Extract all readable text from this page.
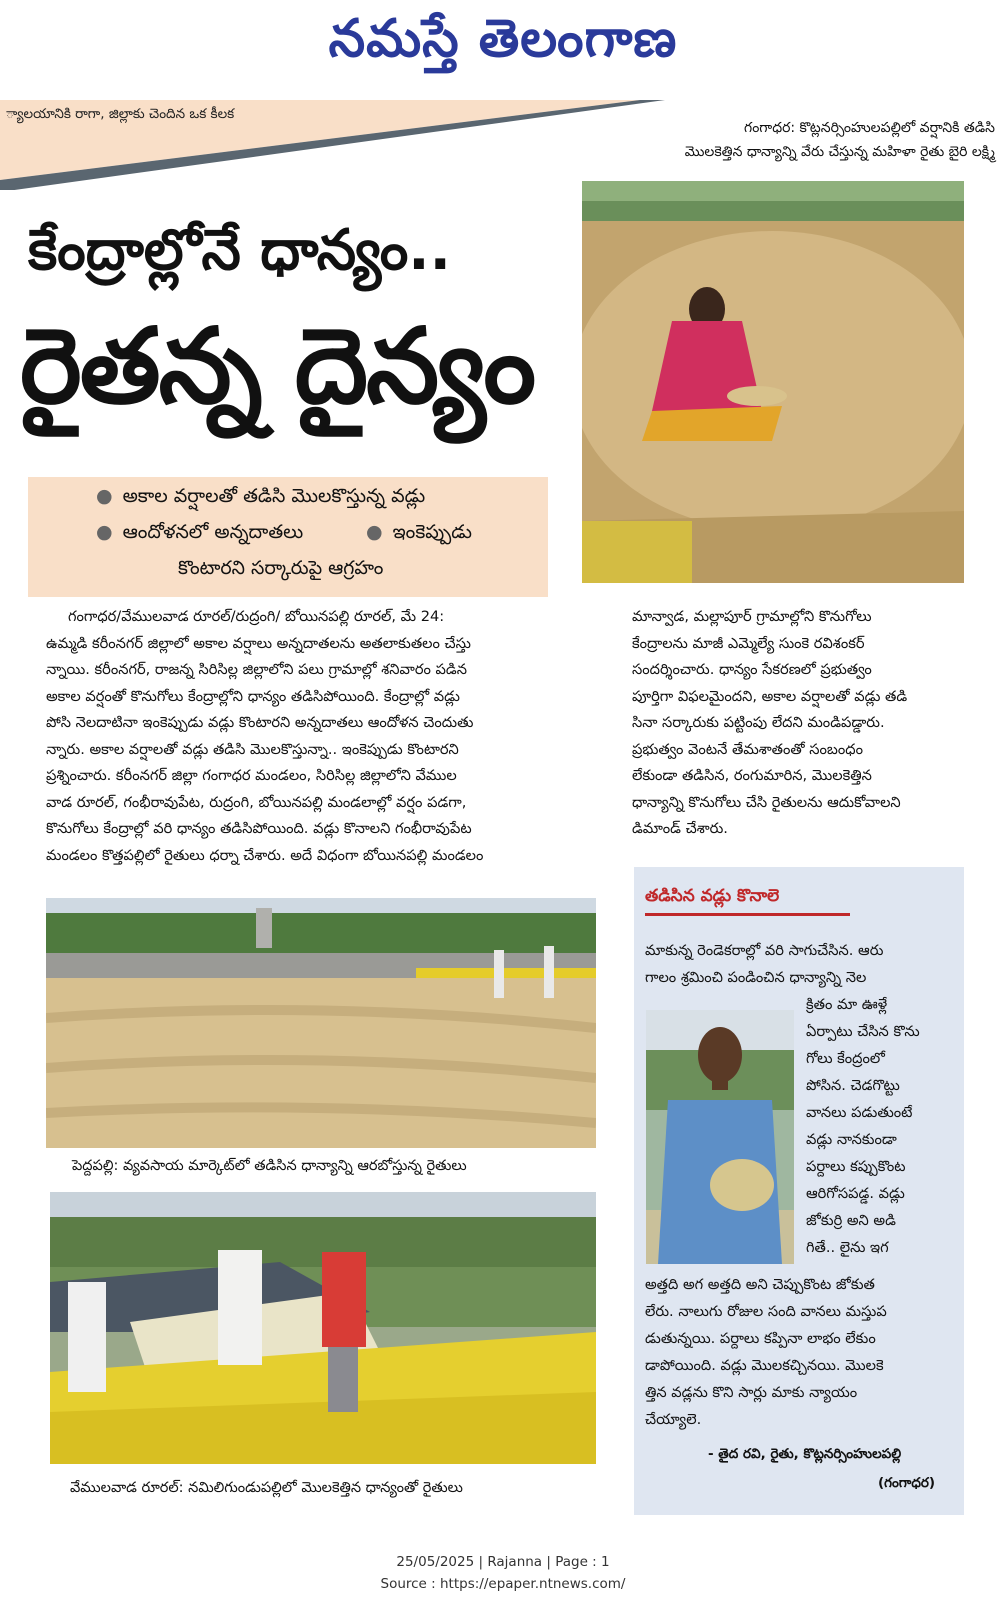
నమస్తే తెలంగాణ
్యాలయానికి రాగా, జిల్లాకు చెందిన ఒక కీలక
గంగాధర: కొట్లనర్సింహులపల్లిలో వర్షానికి తడిసి
మొలకెత్తిన ధాన్యాన్ని వేరు చేస్తున్న మహిళా రైతు బైరి లక్ష్మి
కేంద్రాల్లోనే ధాన్యం..
రైతన్న దైన్యం
● అకాల వర్షాలతో తడిసి మొలకొస్తున్న వడ్లు
● ఆందోళనలో అన్నదాతలు	● ఇంకెప్పుడు
కొంటారని సర్కారుపై ఆగ్రహం

గంగాధర/వేములవాడ రూరల్/రుద్రంగి/ బోయినపల్లి రూరల్, మే 24:

ఉమ్మడి కరీంనగర్ జిల్లాలో అకాల వర్షాలు అన్నదాతలను అతలాకుతలం చేస్తు

న్నాయి. కరీంనగర్, రాజన్న సిరిసిల్ల జిల్లాలోని పలు గ్రామాల్లో శనివారం పడిన

అకాల వర్షంతో కొనుగోలు కేంద్రాల్లోని ధాన్యం తడిసిపోయింది. కేంద్రాల్లో వడ్లు

పోసి నెలదాటినా ఇంకెప్పుడు వడ్లు కొంటారని అన్నదాతలు ఆందోళన చెందుతు

న్నారు. అకాల వర్షాలతో వడ్లు తడిసి మొలకొస్తున్నా.. ఇంకెప్పుడు కొంటారని

ప్రశ్నించారు. కరీంనగర్ జిల్లా గంగాధర మండలం, సిరిసిల్ల జిల్లాలోని వేముల

వాడ రూరల్, గంభీరావుపేట, రుద్రంగి, బోయినపల్లి మండలాల్లో వర్షం పడగా,

కొనుగోలు కేంద్రాల్లో వరి ధాన్యం తడిసిపోయింది. వడ్లు కొనాలని గంభీరావుపేట

మండలం కొత్తపల్లిలో రైతులు ధర్నా చేశారు. అదే విధంగా బోయినపల్లి మండలం

మాన్వాడ, మల్లాపూర్ గ్రామాల్లోని కొనుగోలు

కేంద్రాలను మాజీ ఎమ్మెల్యే సుంకె రవిశంకర్

సందర్శించారు. ధాన్యం సేకరణలో ప్రభుత్వం

పూర్తిగా విఫలమైందని, అకాల వర్షాలతో వడ్లు తడి

సినా సర్కారుకు పట్టింపు లేదని మండిపడ్డారు.

ప్రభుత్వం వెంటనే తేమశాతంతో సంబంధం

లేకుండా తడిసిన, రంగుమారిన, మొలకెత్తిన

ధాన్యాన్ని కొనుగోలు చేసి రైతులను ఆదుకోవాలని

డిమాండ్ చేశారు.

పెద్దపల్లి: వ్యవసాయ మార్కెట్‌లో తడిసిన ధాన్యాన్ని ఆరబోస్తున్న రైతులు
వేములవాడ రూరల్: నమిలిగుండుపల్లిలో మొలకెత్తిన ధాన్యంతో రైతులు
తడిసిన వడ్లు కొనాలె
మాకున్న రెండెకరాల్లో వరి సాగుచేసిన. ఆరు
గాలం శ్రమించి పండించిన ధాన్యాన్ని నెల
క్రితం మా ఊళ్లే
ఏర్పాటు చేసిన కొను
గోలు కేంద్రంలో
పోసిన. చెడగొట్టు
వానలు పడుతుంటే
వడ్లు నానకుండా
పర్దాలు కప్పుకొంట
ఆరిగోసపడ్డ. వడ్లు
జోకుర్రి అని అడి
గితే.. లైను ఇగ
అత్తది అగ అత్తది అని చెప్పుకొంట జోకుత
లేరు. నాలుగు రోజుల సంది వానలు మస్తుప
డుతున్నయి. పర్దాలు కప్పినా లాభం లేకుం
డాపోయింది. వడ్లు మొలకచ్చినయి. మొలకె
త్తిన వడ్లను కొని సార్లు మాకు న్యాయం
చేయ్యాలె.
- తైద రవి, రైతు, కొట్లనర్సింహులపల్లి
(గంగాధర)
25/05/2025 | Rajanna | Page : 1
Source : https://epaper.ntnews.com/
